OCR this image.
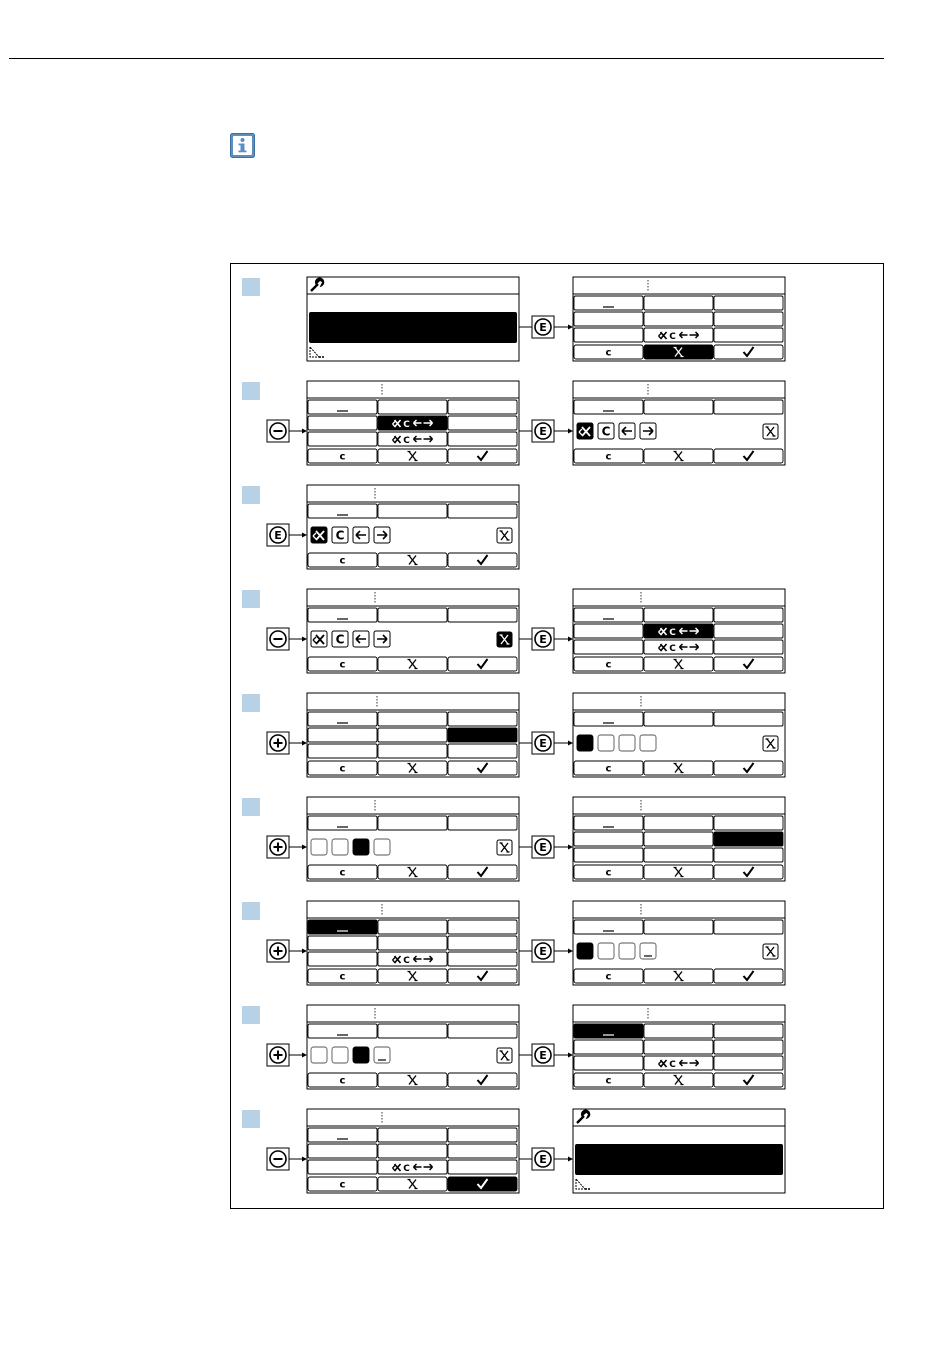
E
C
c
C
C
c
E	C
c
E	C
c
C
c
E	C
C
c
c
E
c
c
E
c
C
c
E
c
c
E
C
c
C
c
E
